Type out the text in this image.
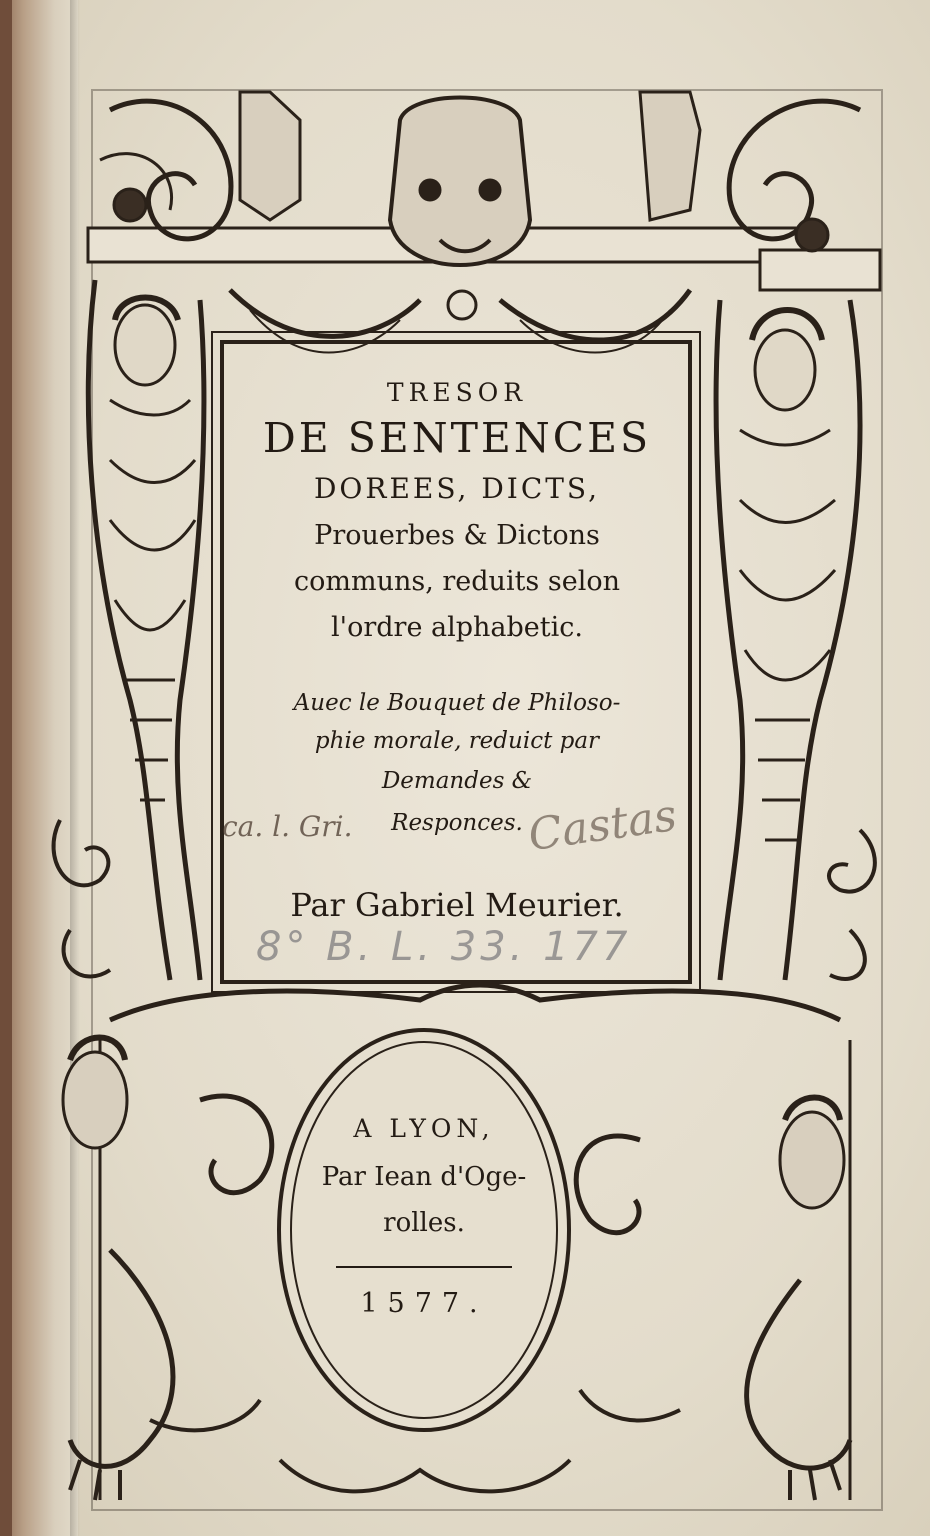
TRESOR
DE SENTENCES
DOREES, DICTS,
Prouerbes & Dictons
communs, reduits selon
l'ordre alphabetic.
Auec le Bouquet de Philoso-
phie morale, reduict par
Demandes &
Responces.
Par Gabriel Meurier.
ca. l. Gri.	Castas
8° B. L. 33. 177
A LYON,
Par Iean d'Oge-
rolles.
1577.
